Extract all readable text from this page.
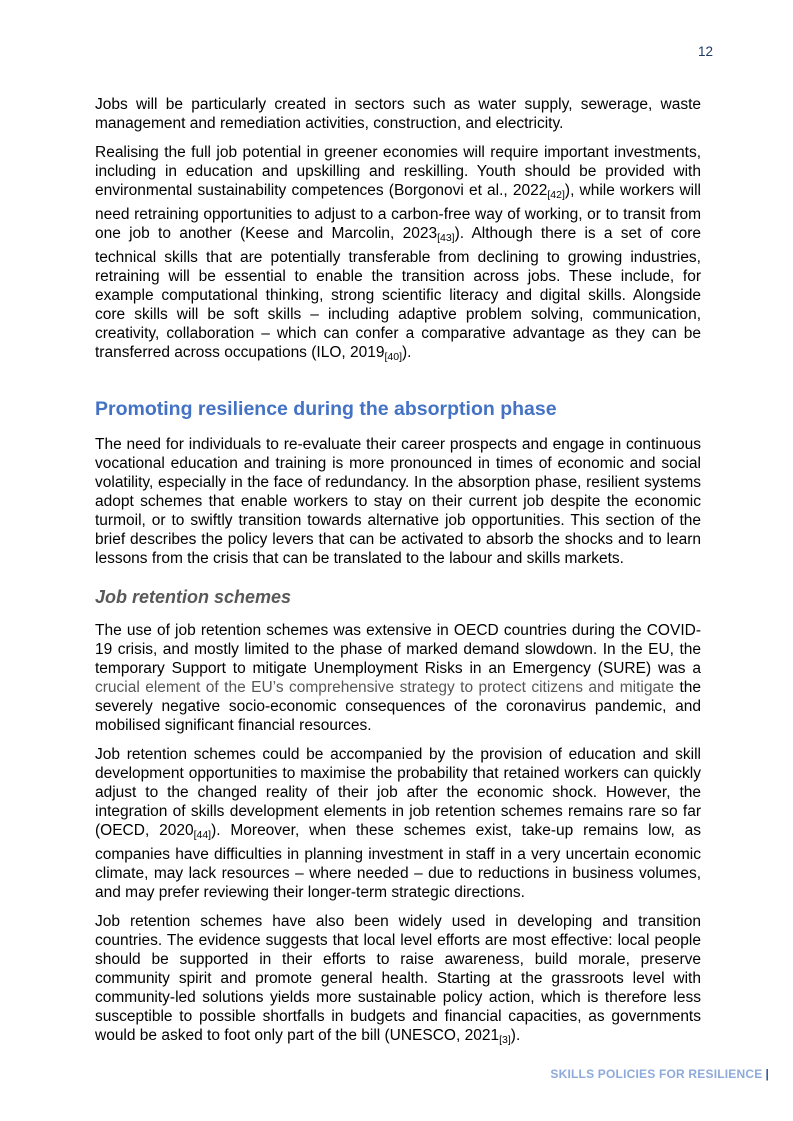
12

Jobs will be particularly created in sectors such as water supply, sewerage, waste management and remediation activities, construction, and electricity.

Realising the full job potential in greener economies will require important investments, including in education and upskilling and reskilling. Youth should be provided with environmental sustainability competences (Borgonovi et al., 2022[42]), while workers will need retraining opportunities to adjust to a carbon-free way of working, or to transit from one job to another (Keese and Marcolin, 2023[43]). Although there is a set of core technical skills that are potentially transferable from declining to growing industries, retraining will be essential to enable the transition across jobs. These include, for example computational thinking, strong scientific literacy and digital skills. Alongside core skills will be soft skills – including adaptive problem solving, communication, creativity, collaboration – which can confer a comparative advantage as they can be transferred across occupations (ILO, 2019[40]).

Promoting resilience during the absorption phase

The need for individuals to re-evaluate their career prospects and engage in continuous vocational education and training is more pronounced in times of economic and social volatility, especially in the face of redundancy. In the absorption phase, resilient systems adopt schemes that enable workers to stay on their current job despite the economic turmoil, or to swiftly transition towards alternative job opportunities. This section of the brief describes the policy levers that can be activated to absorb the shocks and to learn lessons from the crisis that can be translated to the labour and skills markets.

Job retention schemes

The use of job retention schemes was extensive in OECD countries during the COVID-19 crisis, and mostly limited to the phase of marked demand slowdown. In the EU, the temporary Support to mitigate Unemployment Risks in an Emergency (SURE) was a crucial element of the EU’s comprehensive strategy to protect citizens and mitigate the severely negative socio-economic consequences of the coronavirus pandemic, and mobilised significant financial resources.

Job retention schemes could be accompanied by the provision of education and skill development opportunities to maximise the probability that retained workers can quickly adjust to the changed reality of their job after the economic shock. However, the integration of skills development elements in job retention schemes remains rare so far (OECD, 2020[44]). Moreover, when these schemes exist, take-up remains low, as companies have difficulties in planning investment in staff in a very uncertain economic climate, may lack resources – where needed – due to reductions in business volumes, and may prefer reviewing their longer-term strategic directions.

Job retention schemes have also been widely used in developing and transition countries. The evidence suggests that local level efforts are most effective: local people should be supported in their efforts to raise awareness, build morale, preserve community spirit and promote general health. Starting at the grassroots level with community-led solutions yields more sustainable policy action, which is therefore less susceptible to possible shortfalls in budgets and financial capacities, as governments would be asked to foot only part of the bill (UNESCO, 2021[3]).

SKILLS POLICIES FOR RESILIENCE |
